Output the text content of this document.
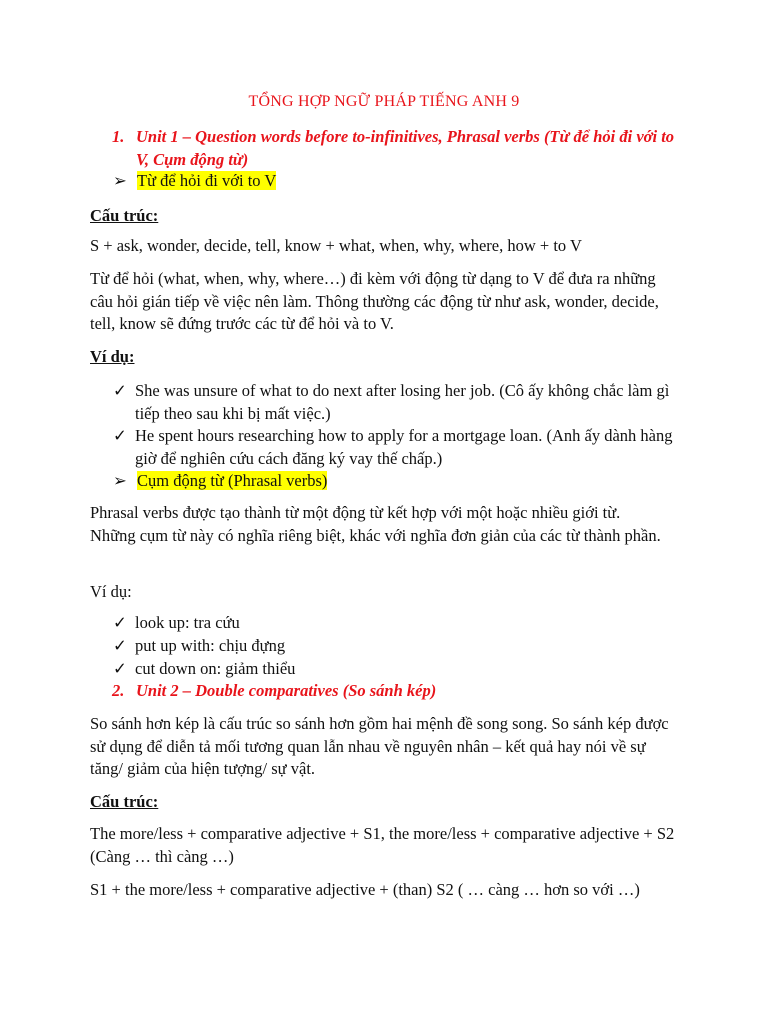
TỔNG HỢP NGỮ PHÁP TIẾNG ANH 9
1. Unit 1 – Question words before to-infinitives, Phrasal verbs (Từ để hỏi đi với to V, Cụm động từ)
➢ Từ để hỏi đi với to V
Cấu trúc:
S + ask, wonder, decide, tell, know + what, when, why, where, how + to V
Từ để hỏi (what, when, why, where…) đi kèm với động từ dạng to V để đưa ra những câu hỏi gián tiếp về việc nên làm. Thông thường các động từ như ask, wonder, decide, tell, know sẽ đứng trước các từ để hỏi và to V.
Ví dụ:
✓ She was unsure of what to do next after losing her job. (Cô ấy không chắc làm gì tiếp theo sau khi bị mất việc.)
✓ He spent hours researching how to apply for a mortgage loan. (Anh ấy dành hàng giờ để nghiên cứu cách đăng ký vay thế chấp.)
➢ Cụm động từ (Phrasal verbs)
Phrasal verbs được tạo thành từ một động từ kết hợp với một hoặc nhiều giới từ. Những cụm từ này có nghĩa riêng biệt, khác với nghĩa đơn giản của các từ thành phần.
Ví dụ:
✓ look up: tra cứu
✓ put up with: chịu đựng
✓ cut down on: giảm thiểu
2. Unit 2 – Double comparatives (So sánh kép)
So sánh hơn kép là cấu trúc so sánh hơn gồm hai mệnh đề song song. So sánh kép được sử dụng để diễn tả mối tương quan lẫn nhau về nguyên nhân – kết quả hay nói về sự tăng/ giảm của hiện tượng/ sự vật.
Cấu trúc:
The more/less + comparative adjective + S1, the more/less + comparative adjective + S2 (Càng … thì càng …)
S1 + the more/less + comparative adjective + (than) S2 ( … càng … hơn so với …)
